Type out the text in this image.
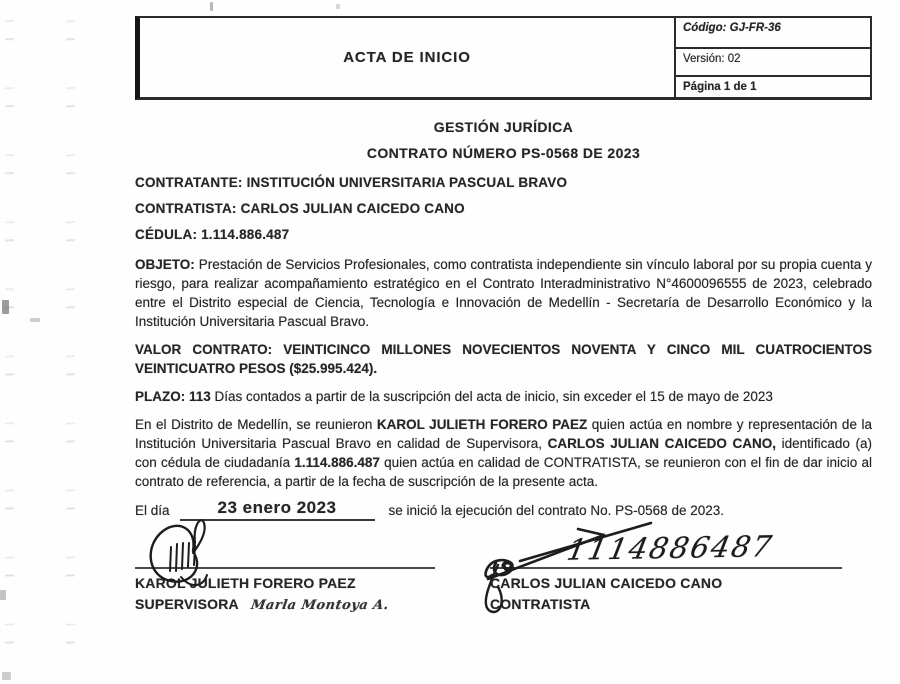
ACTA DE INICIO
Código: GJ-FR-36
Versión: 02
Página 1 de 1
GESTIÓN JURÍDICA
CONTRATO NÚMERO PS-0568 DE 2023
CONTRATANTE: INSTITUCIÓN UNIVERSITARIA PASCUAL BRAVO
CONTRATISTA: CARLOS JULIAN CAICEDO CANO
CÉDULA: 1.114.886.487

OBJETO: Prestación de Servicios Profesionales, como contratista independiente sin vínculo laboral por su propia cuenta y riesgo, para realizar acompañamiento estratégico en el Contrato Interadministrativo N°4600096555 de 2023, celebrado entre el Distrito especial de Ciencia, Tecnología e Innovación de Medellín - Secretaría de Desarrollo Económico y la Institución Universitaria Pascual Bravo.

VALOR CONTRATO: VEINTICINCO MILLONES NOVECIENTOS NOVENTA Y CINCO MIL CUATROCIENTOS VEINTICUATRO PESOS ($25.995.424).

PLAZO: 113 Días contados a partir de la suscripción del acta de inicio, sin exceder el 15 de mayo de 2023

En el Distrito de Medellín, se reunieron KAROL JULIETH FORERO PAEZ quien actúa en nombre y representación de la Institución Universitaria Pascual Bravo en calidad de Supervisora, CARLOS JULIAN CAICEDO CANO, identificado (a) con cédula de ciudadanía 1.114.886.487 quien actúa en calidad de CONTRATISTA, se reunieron con el fin de dar inicio al contrato de referencia, a partir de la fecha de suscripción de la presente acta.

El día	23 enero 2023	se inició la ejecución del contrato No. PS-0568 de 2023.
KAROL JULIETH FORERO PAEZ
SUPERVISORA Marla Montoya A.
1114886487
CARLOS JULIAN CAICEDO CANO
CONTRATISTA
